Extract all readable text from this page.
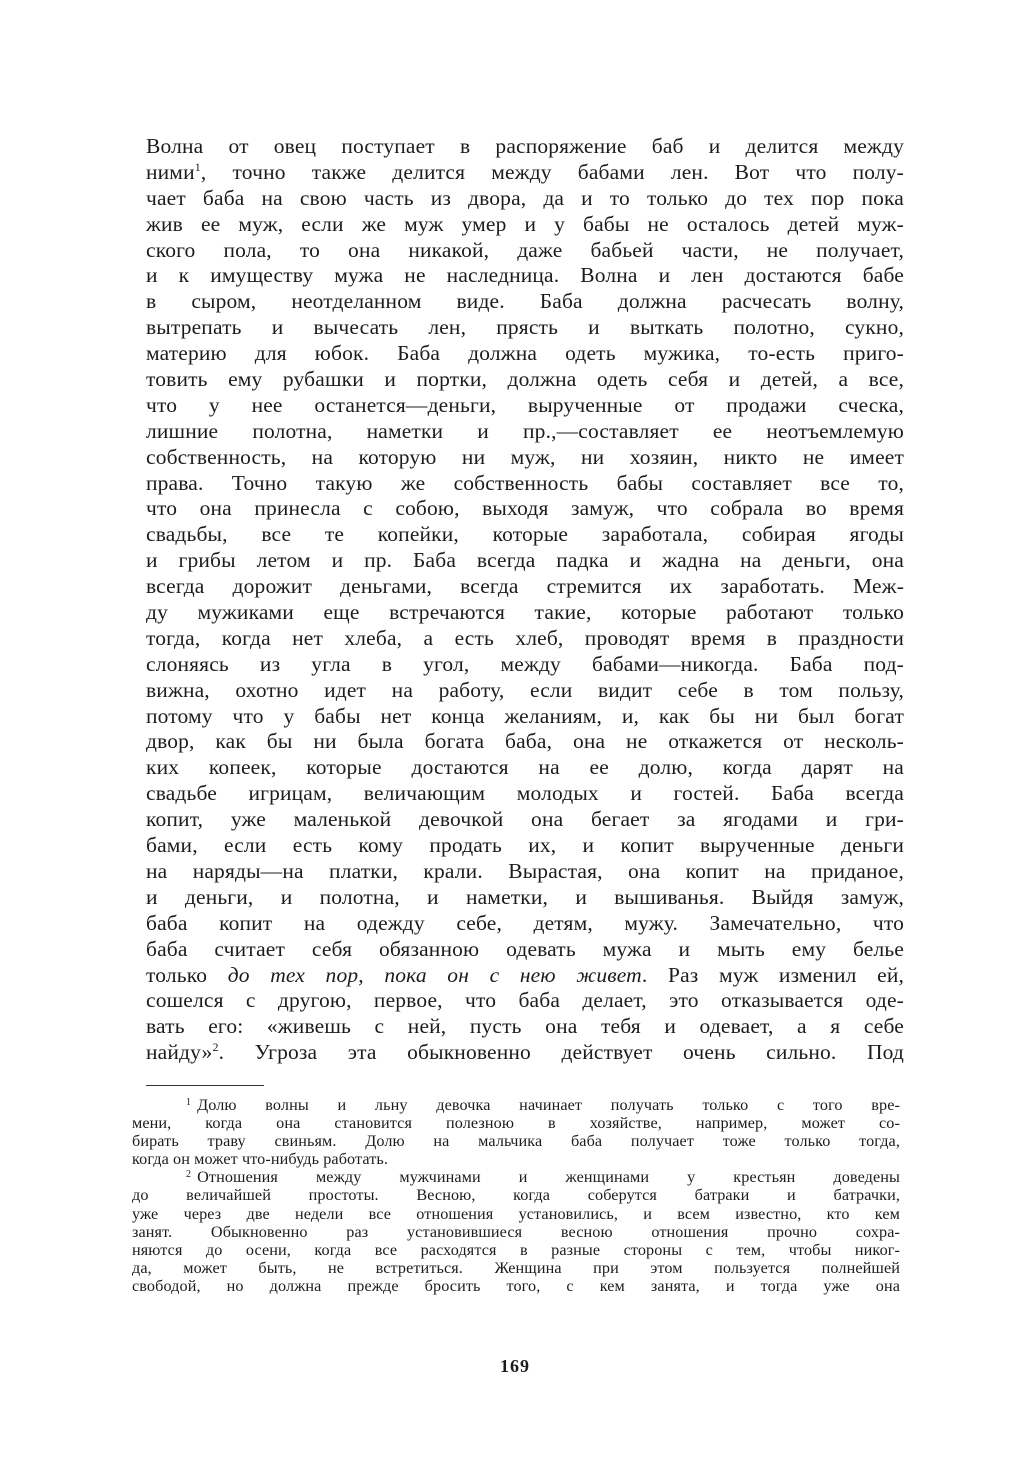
Волна от овец поступает в распоряжение баб и делится между
ними$^1$, точно также делится между бабами лен. Вот что полу-
чает баба на свою часть из двора, да и то только до тех пор пока
жив ее муж, если же муж умер и у бабы не осталось детей муж-
ского пола, то она никакой, даже бабьей части, не получает,
и к имуществу мужа не наследница. Волна и лен достаются бабе
в сыром, неотделанном виде. Баба должна расчесать волну,
вытрепать и вычесать лен, прясть и выткать полотно, сукно,
материю для юбок. Баба должна одеть мужика, то-есть приго-
товить ему рубашки и портки, должна одеть себя и детей, а все,
что у нее останется—деньги, вырученные от продажи сческа,
лишние полотна, наметки и пр.,—составляет ее неотъемлемую
собственность, на которую ни муж, ни хозяин, никто не имеет
права. Точно такую же собственность бабы составляет все то,
что она принесла с собою, выходя замуж, что собрала во время
свадьбы, все те копейки, которые заработала, собирая ягоды
и грибы летом и пр. Баба всегда падка и жадна на деньги, она
всегда дорожит деньгами, всегда стремится их заработать. Меж-
ду мужиками еще встречаются такие, которые работают только
тогда, когда нет хлеба, а есть хлеб, проводят время в праздности
слоняясь из угла в угол, между бабами—никогда. Баба под-
вижна, охотно идет на работу, если видит себе в том пользу,
потому что у бабы нет конца желаниям, и, как бы ни был богат
двор, как бы ни была богата баба, она не откажется от несколь-
ких копеек, которые достаются на ее долю, когда дарят на
свадьбе игрицам, величающим молодых и гостей. Баба всегда
копит, уже маленькой девочкой она бегает за ягодами и гри-
бами, если есть кому продать их, и копит вырученные деньги
на наряды—на платки, крали. Вырастая, она копит на приданое,
и деньги, и полотна, и наметки, и вышиванья. Выйдя замуж,
баба копит на одежду себе, детям, мужу. Замечательно, что
баба считает себя обязанною одевать мужа и мыть ему белье
только до тех пор, пока он с нею живет. Раз муж изменил ей,
сошелся с другою, первое, что баба делает, это отказывается оде-
вать его: «живешь с ней, пусть она тебя и одевает, а я себе
найду»$^2$. Угроза эта обыкновенно действует очень сильно. Под
$^1$ Долю волны и льну девочка начинает получать только с того вре-
мени, когда она становится полезною в хозяйстве, например, может со-
бирать траву свиньям. Долю на мальчика баба получает тоже только тогда,
когда он может что-нибудь работать.
$^2$ Отношения между мужчинами и женщинами у крестьян доведены
до величайшей простоты. Весною, когда соберутся батраки и батрачки,
уже через две недели все отношения установились, и всем известно, кто кем
занят. Обыкновенно раз установившиеся весною отношения прочно сохра-
няются до осени, когда все расходятся в разные стороны с тем, чтобы никог-
да, может быть, не встретиться. Женщина при этом пользуется полнейшей
свободой, но должна прежде бросить того, с кем занята, и тогда уже она
169
